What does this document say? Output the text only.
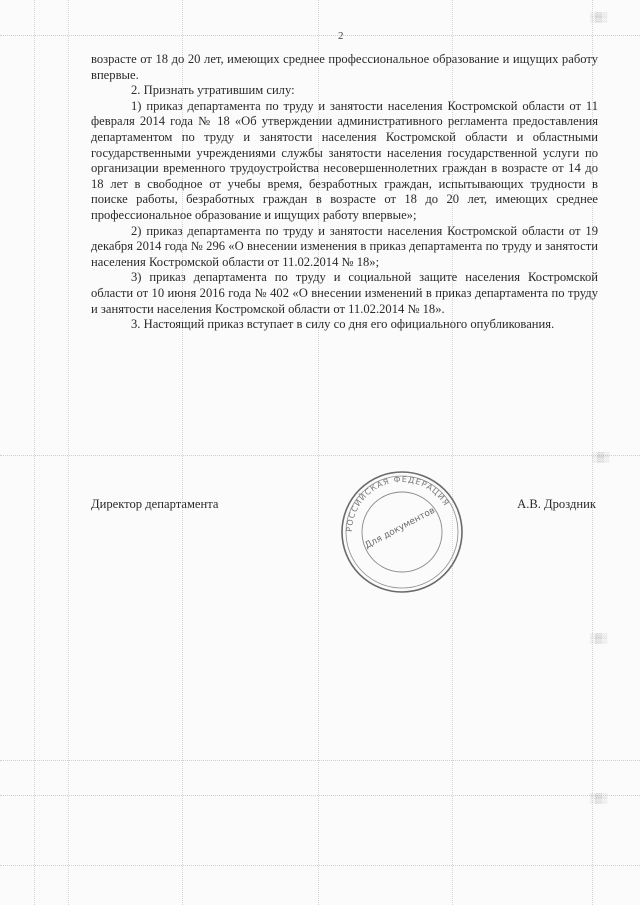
░▒░
░▒░
░▒░
░▒░
2

возрасте от 18 до 20 лет, имеющих среднее профессиональное образование и ищущих работу впервые.

2. Признать утратившим силу:

1) приказ департамента по труду и занятости населения Костромской области от 11 февраля 2014 года № 18 «Об утверждении административного регламента предоставления департаментом по труду и занятости населения Костромской области и областными государственными учреждениями службы занятости населения государственной услуги по организации временного трудоустройства несовершеннолетних граждан в возрасте от 14 до 18 лет в свободное от учебы время, безработных граждан, испытывающих трудности в поиске работы, безработных граждан в возрасте от 18 до 20 лет, имеющих среднее профессиональное образование и ищущих работу впервые»;

2) приказ департамента по труду и занятости населения Костромской области от 19 декабря 2014 года № 296 «О внесении изменения в приказ департамента по труду и занятости населения Костромской области от 11.02.2014 № 18»;

3) приказ департамента по труду и социальной защите населения Костромской области от 10 июня 2016 года № 402 «О внесении изменений в приказ департамента по труду и занятости населения Костромской области от 11.02.2014 № 18».

3. Настоящий приказ вступает в силу со дня его официального опубликования.

Директор департамента	А.В. Дроздник
РОССИЙСКАЯ ФЕДЕРАЦИЯ
Для документов
